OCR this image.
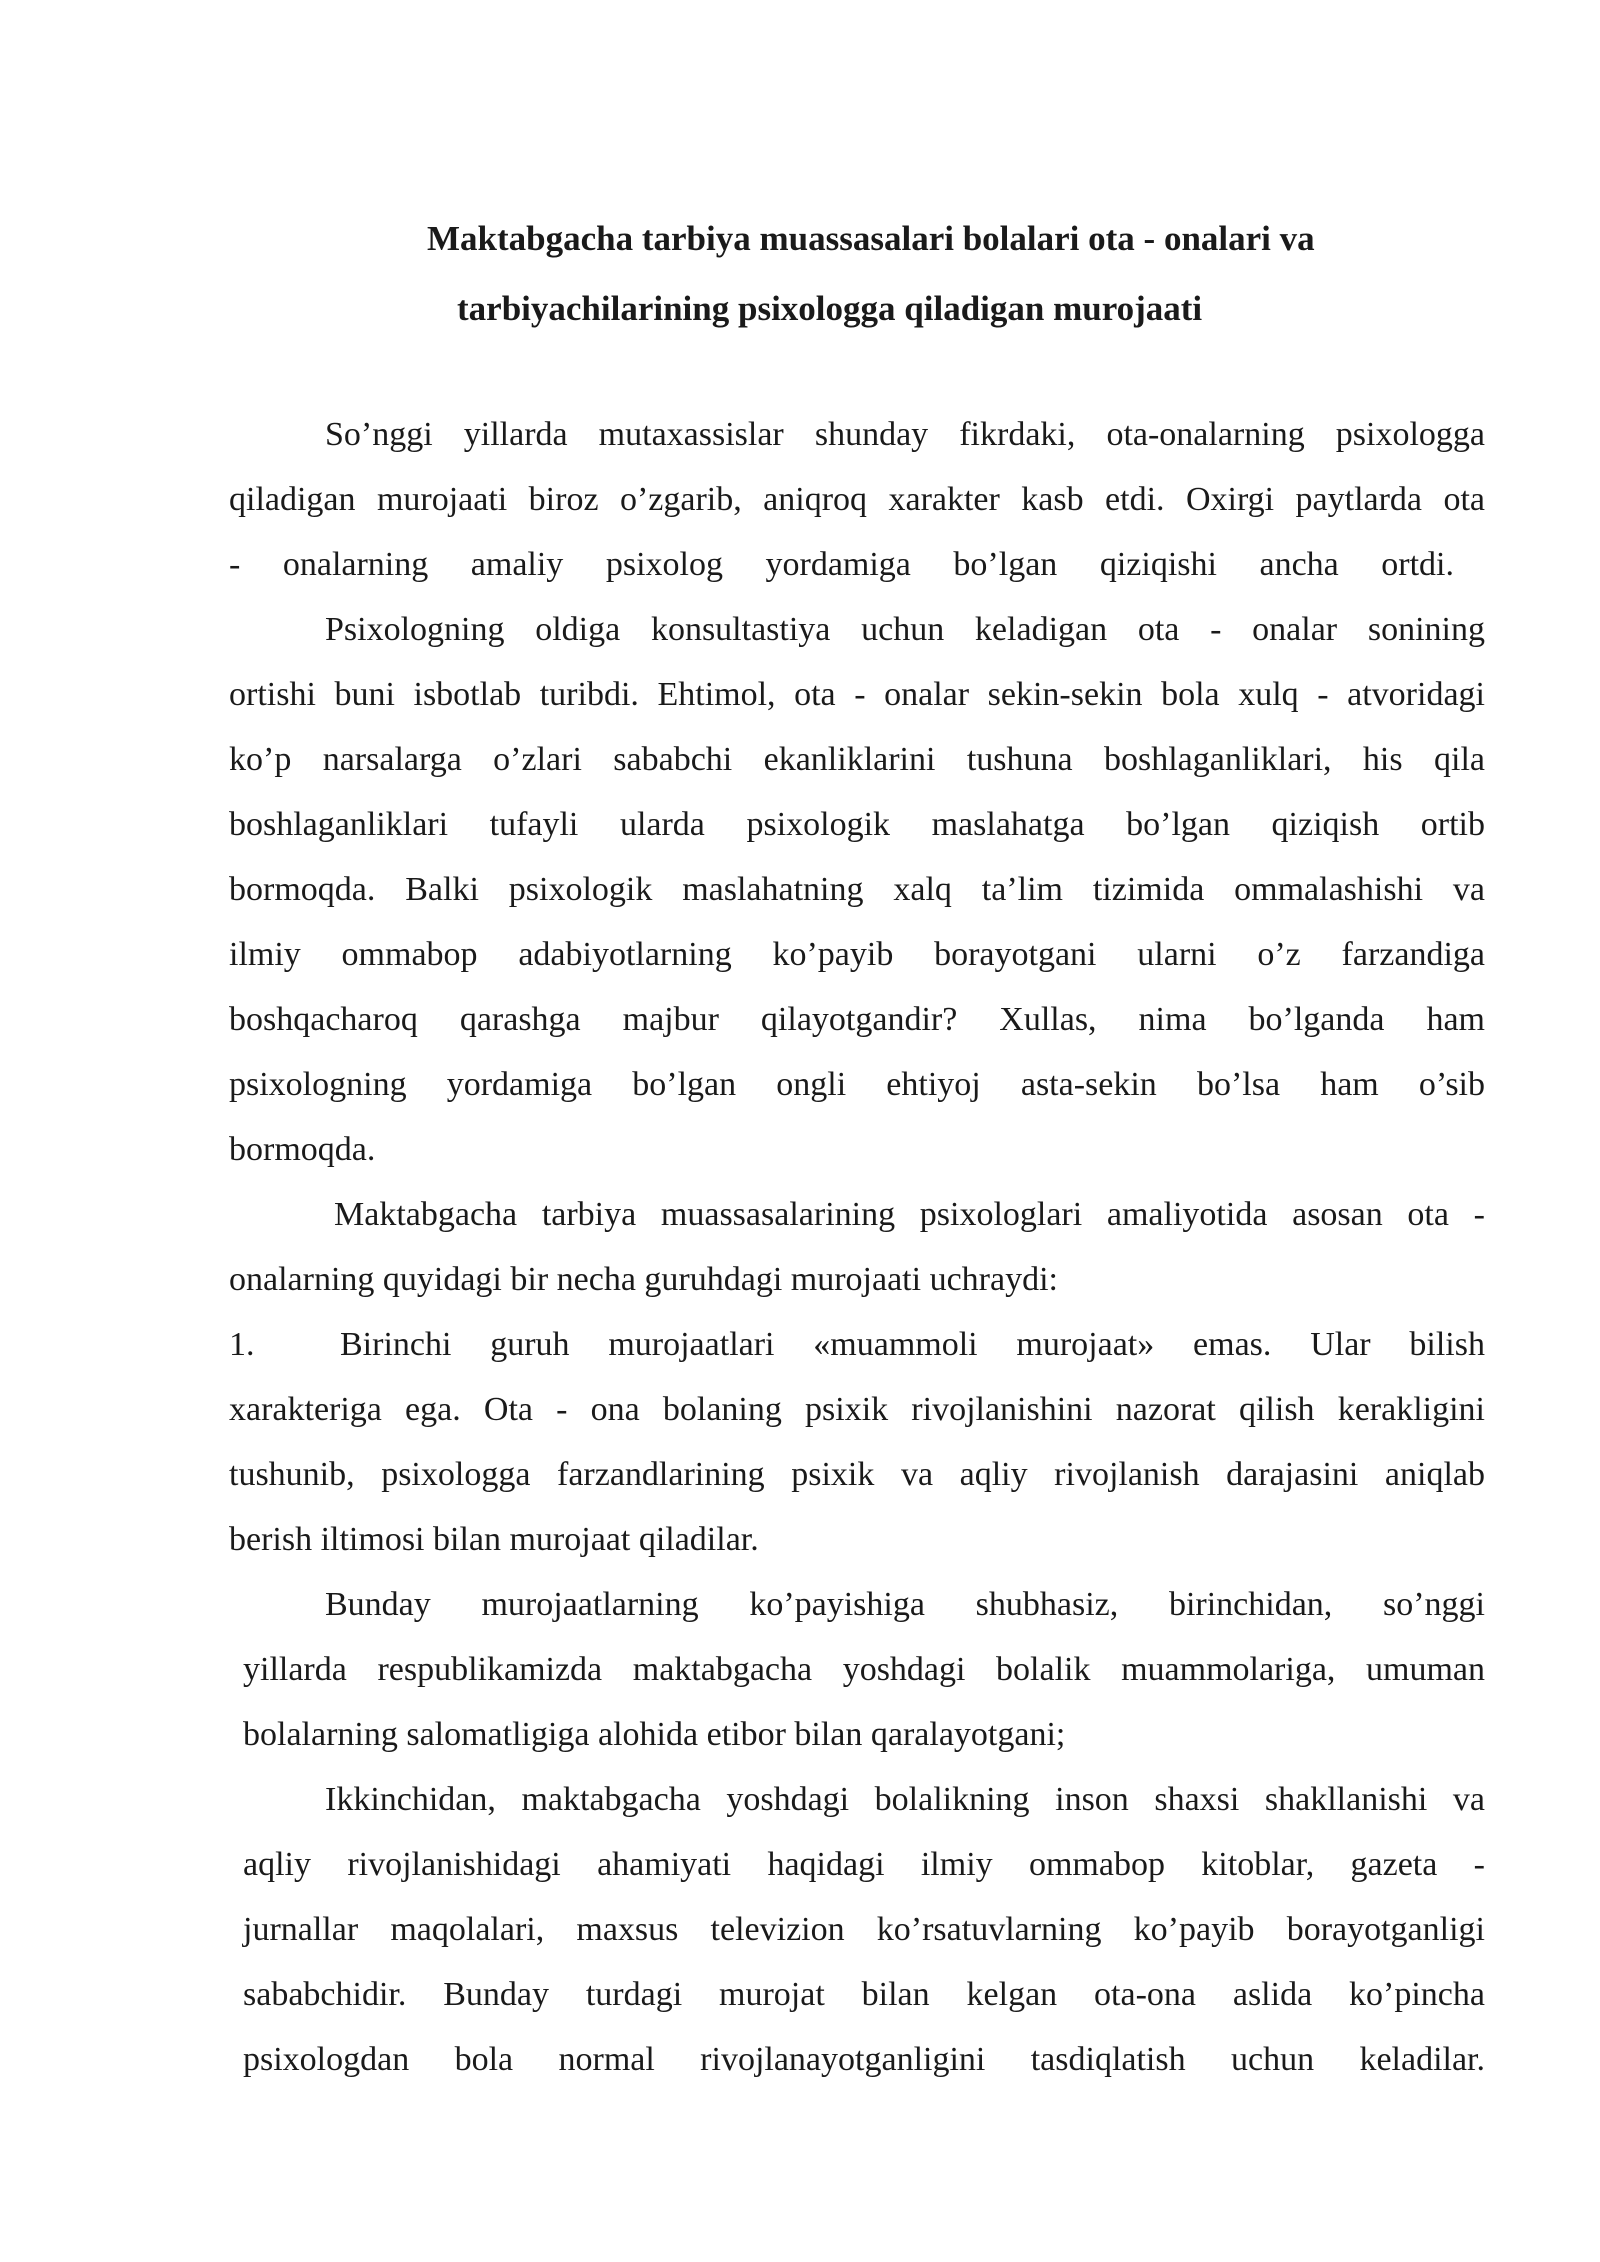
Maktabgacha tarbiya muassasalari bolalari ota - onalari va
tarbiyachilarining psixologga qiladigan murojaati
So’nggi yillarda mutaxassislar shunday fikrdaki, ota-onalarning psixologga
qiladigan murojaati biroz o’zgarib, aniqroq xarakter kasb etdi. Oxirgi paytlarda ota
- onalarning amaliy psixolog yordamiga bo’lgan qiziqishi ancha ortdi.
Psixologning oldiga konsultastiya uchun keladigan ota - onalar sonining
ortishi buni isbotlab turibdi. Ehtimol, ota - onalar sekin-sekin bola xulq - atvoridagi
ko’p narsalarga o’zlari sababchi ekanliklarini tushuna boshlaganliklari, his qila
boshlaganliklari tufayli ularda psixologik maslahatga bo’lgan qiziqish ortib
bormoqda. Balki psixologik maslahatning xalq ta’lim tizimida ommalashishi va
ilmiy ommabop adabiyotlarning ko’payib borayotgani ularni o’z farzandiga
boshqacharoq qarashga majbur qilayotgandir? Xullas, nima bo’lganda ham
psixologning yordamiga bo’lgan ongli ehtiyoj asta-sekin bo’lsa ham o’sib
bormoqda.
Maktabgacha tarbiya muassasalarining psixologlari amaliyotida asosan ota -
onalarning quyidagi bir necha guruhdagi murojaati uchraydi:
1.	Birinchi guruh murojaatlari «muammoli murojaat» emas. Ular bilish
xarakteriga ega. Ota - ona bolaning psixik rivojlanishini nazorat qilish kerakligini
tushunib, psixologga farzandlarining psixik va aqliy rivojlanish darajasini aniqlab
berish iltimosi bilan murojaat qiladilar.
Bunday murojaatlarning ko’payishiga shubhasiz, birinchidan, so’nggi
yillarda respublikamizda maktabgacha yoshdagi bolalik muammolariga, umuman
bolalarning salomatligiga alohida etibor bilan qaralayotgani;
Ikkinchidan, maktabgacha yoshdagi bolalikning inson shaxsi shakllanishi va
aqliy rivojlanishidagi ahamiyati haqidagi ilmiy ommabop kitoblar, gazeta -
jurnallar maqolalari, maxsus televizion ko’rsatuvlarning ko’payib borayotganligi
sababchidir. Bunday turdagi murojat bilan kelgan ota-ona aslida ko’pincha
psixologdan bola normal rivojlanayotganligini tasdiqlatish uchun keladilar.
